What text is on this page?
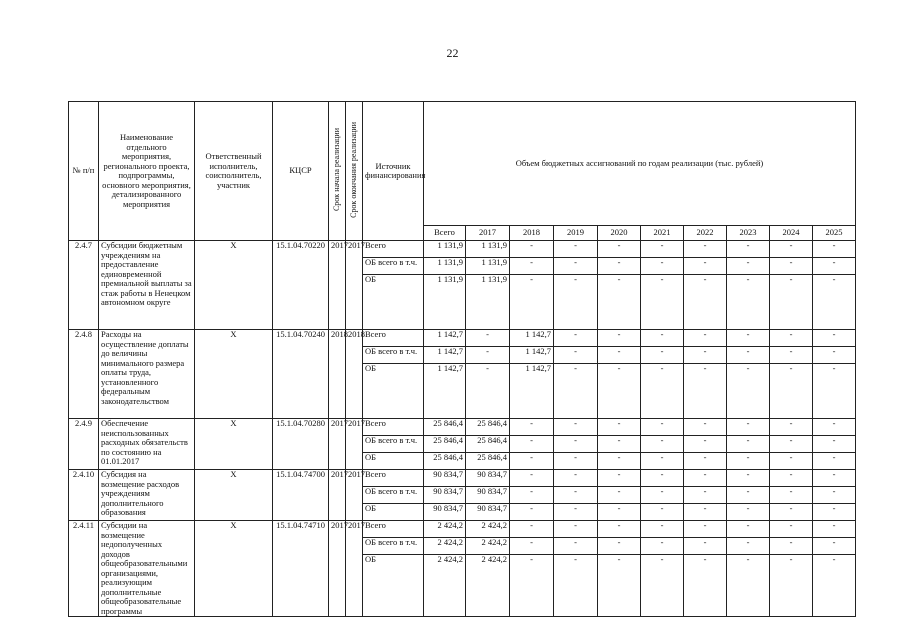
22
№ п/п	Наименование отдельного мероприятия, регионального проекта, подпрограммы, основного мероприятия, детализированного мероприятия	Ответственный исполнитель, соисполнитель, участник	КЦСР	Срок начала реализации	Срок окончания реализации	Источник финансирования	Объем бюджетных ассигнований по годам реализации (тыс. рублей)									
							Всего	2017	2018	2019	2020	2021	2022	2023	2024	2025
2.4.7	Субсидии бюджетным учреждениям на предоставление единовременной премиальной выплаты за стаж работы в Ненецком автономном округе	Х	15.1.04.70220	2017	2017	Всего	1 131,9	1 131,9	-	-	-	-	-	-	-	-
						ОБ всего в т.ч.	1 131,9	1 131,9	-	-	-	-	-	-	-	-
						ОБ	1 131,9	1 131,9	-	-	-	-	-	-	-	-
2.4.8	Расходы на осуществление доплаты до величины минимального размера оплаты труда, установленного федеральным законодательством	Х	15.1.04.70240	2018	2018	Всего	1 142,7	-	1 142,7	-	-	-	-	-	-	-
						ОБ всего в т.ч.	1 142,7	-	1 142,7	-	-	-	-	-	-	-
						ОБ	1 142,7	-	1 142,7	-	-	-	-	-	-	-
2.4.9	Обеспечение неиспользованных расходных обязательств по состоянию на 01.01.2017	Х	15.1.04.70280	2017	2017	Всего	25 846,4	25 846,4	-	-	-	-	-	-	-	-
						ОБ всего в т.ч.	25 846,4	25 846,4	-	-	-	-	-	-	-	-
						ОБ	25 846,4	25 846,4	-	-	-	-	-	-	-	-
2.4.10	Субсидия на возмещение расходов учреждениям дополнительного образования	Х	15.1.04.74700	2017	2017	Всего	90 834,7	90 834,7	-	-	-	-	-	-	-	-
						ОБ всего в т.ч.	90 834,7	90 834,7	-	-	-	-	-	-	-	-
						ОБ	90 834,7	90 834,7	-	-	-	-	-	-	-	-
2.4.11	Субсидии на возмещение недополученных доходов общеобразовательными организациями, реализующим дополнительные общеобразовательные программы	Х	15.1.04.74710	2017	2017	Всего	2 424,2	2 424,2	-	-	-	-	-	-	-	-
						ОБ всего в т.ч.	2 424,2	2 424,2	-	-	-	-	-	-	-	-
						ОБ	2 424,2	2 424,2	-	-	-	-	-	-	-	-
